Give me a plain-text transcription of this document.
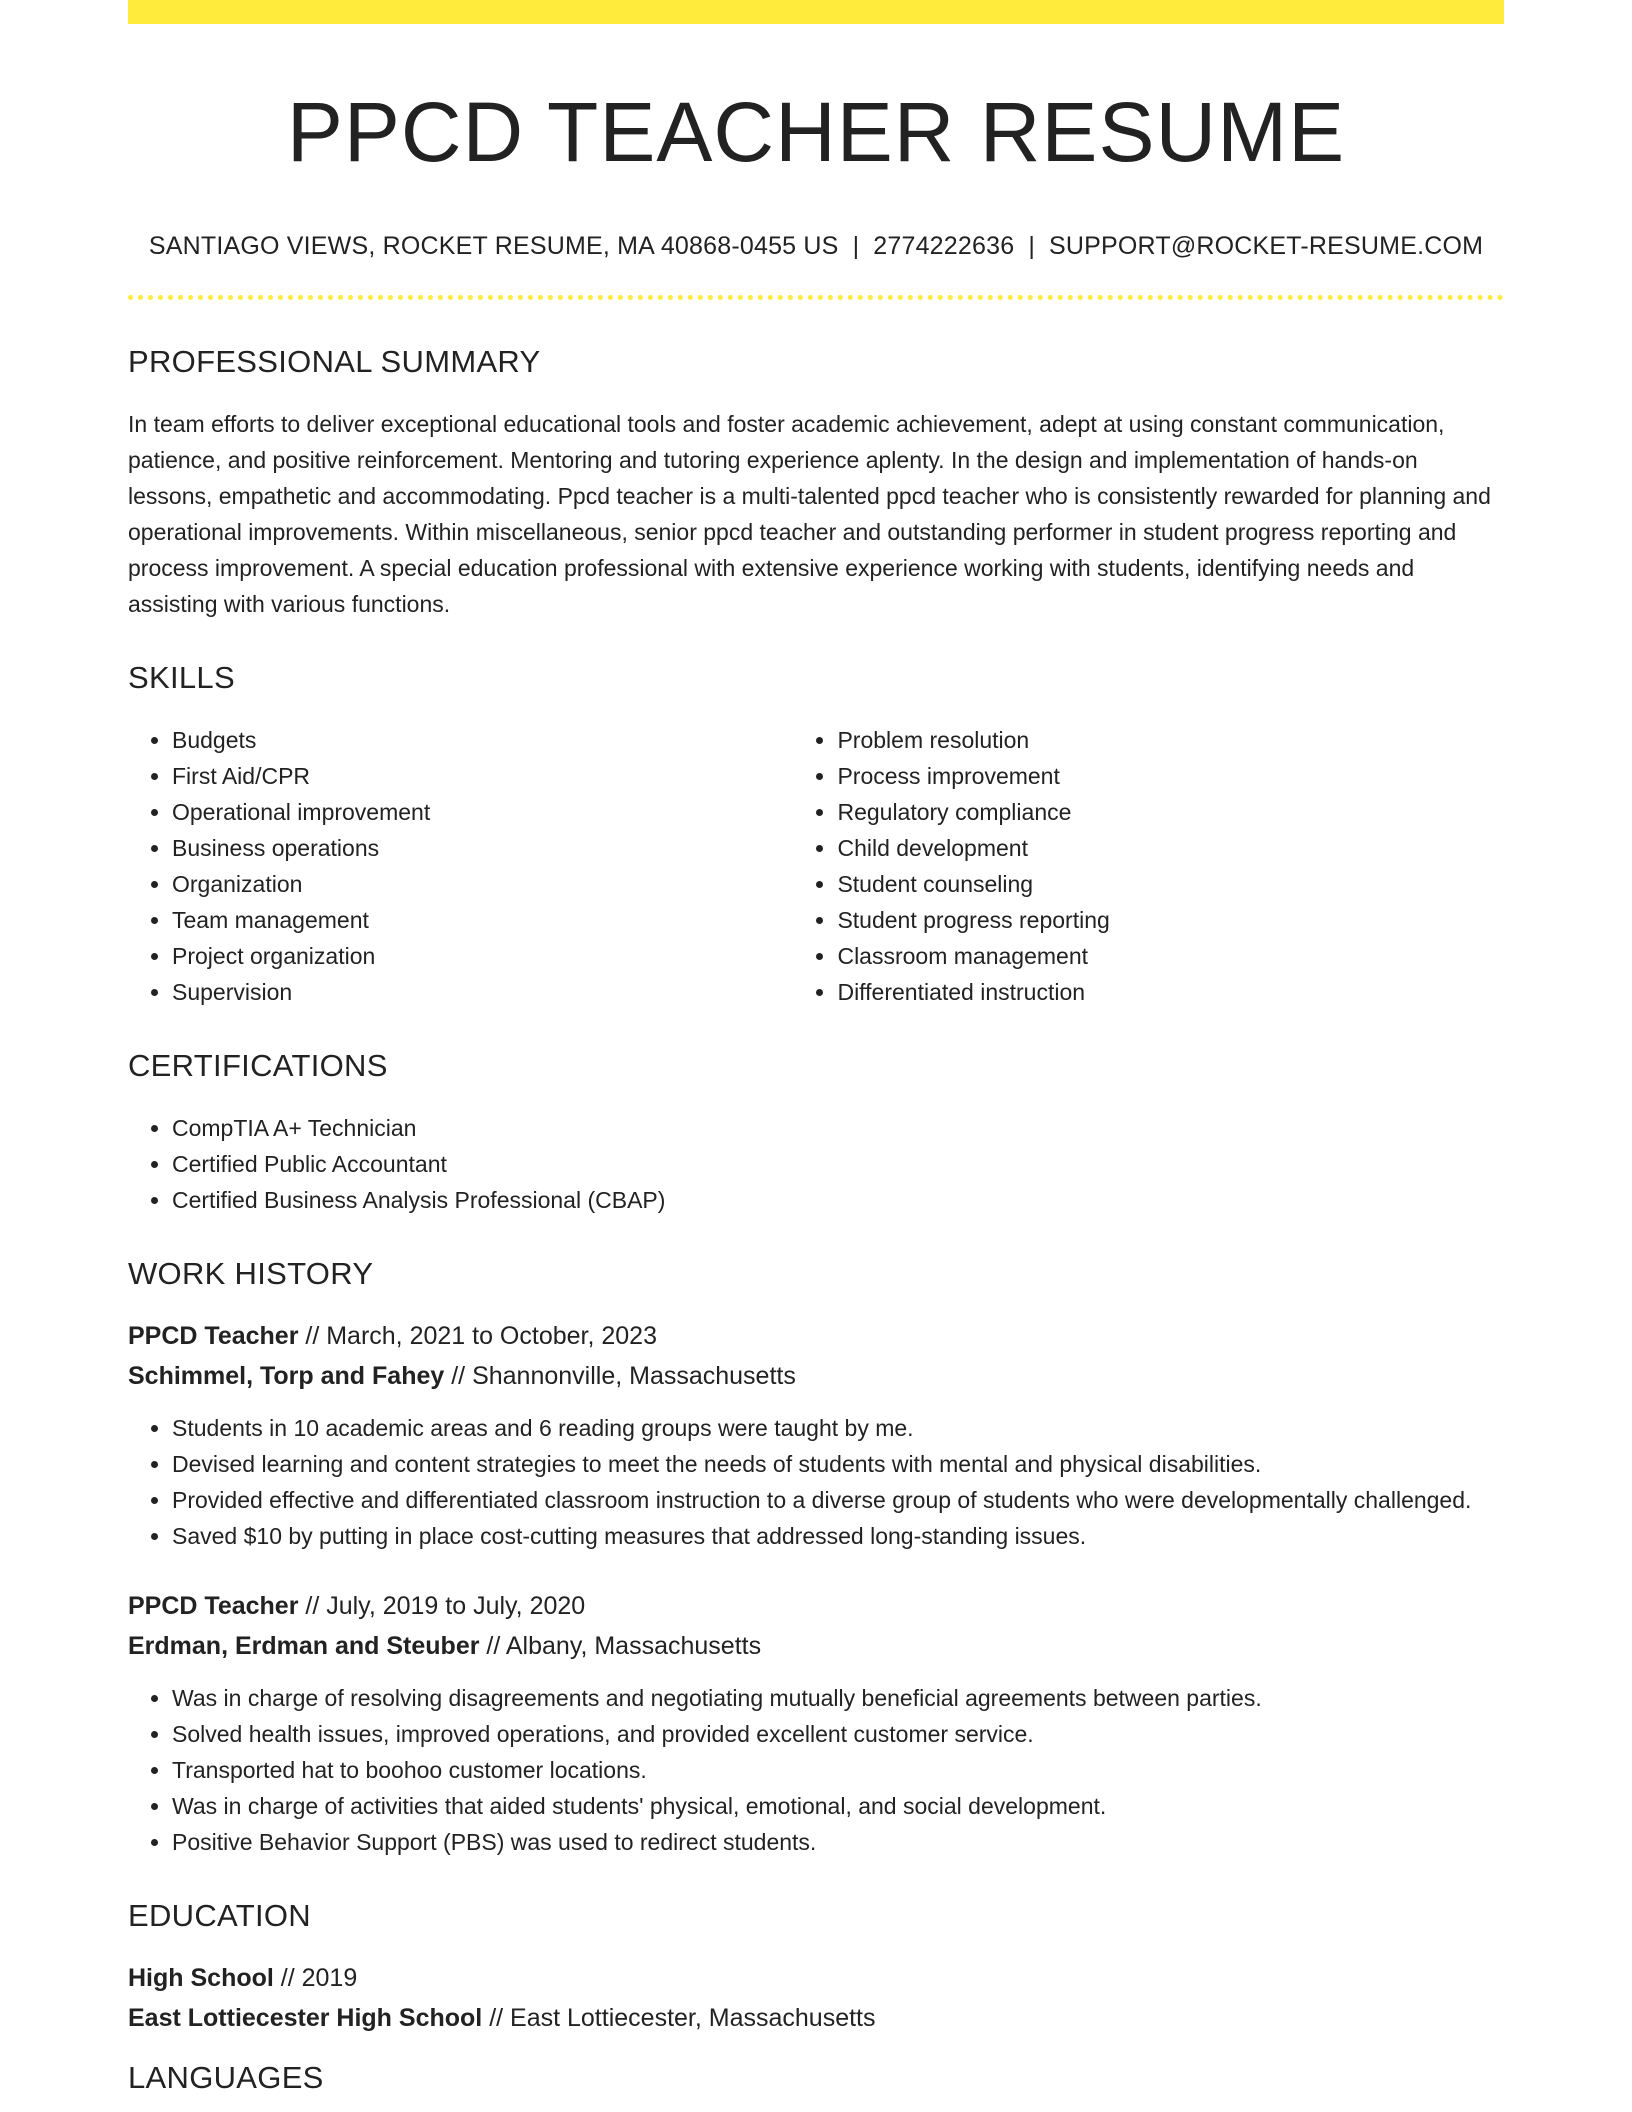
PPCD TEACHER RESUME
SANTIAGO VIEWS, ROCKET RESUME, MA 40868-0455 US | 2774222636 | SUPPORT@ROCKET-RESUME.COM
PROFESSIONAL SUMMARY

In team efforts to deliver exceptional educational tools and foster academic achievement, adept at using constant communication, patience, and positive reinforcement. Mentoring and tutoring experience aplenty. In the design and implementation of hands-on lessons, empathetic and accommodating. Ppcd teacher is a multi-talented ppcd teacher who is consistently rewarded for planning and operational improvements. Within miscellaneous, senior ppcd teacher and outstanding performer in student progress reporting and process improvement. A special education professional with extensive experience working with students, identifying needs and assisting with various functions.

SKILLS
• Budgets
• First Aid/CPR
• Operational improvement
• Business operations
• Organization
• Team management
• Project organization
• Supervision
• Problem resolution
• Process improvement
• Regulatory compliance
• Child development
• Student counseling
• Student progress reporting
• Classroom management
• Differentiated instruction
CERTIFICATIONS
• CompTIA A+ Technician
• Certified Public Accountant
• Certified Business Analysis Professional (CBAP)
WORK HISTORY

PPCD Teacher // March, 2021 to October, 2023

Schimmel, Torp and Fahey // Shannonville, Massachusetts

• Students in 10 academic areas and 6 reading groups were taught by me.
• Devised learning and content strategies to meet the needs of students with mental and physical disabilities.
• Provided effective and differentiated classroom instruction to a diverse group of students who were developmentally challenged.
• Saved $10 by putting in place cost-cutting measures that addressed long-standing issues.

PPCD Teacher // July, 2019 to July, 2020

Erdman, Erdman and Steuber // Albany, Massachusetts

• Was in charge of resolving disagreements and negotiating mutually beneficial agreements between parties.
• Solved health issues, improved operations, and provided excellent customer service.
• Transported hat to boohoo customer locations.
• Was in charge of activities that aided students' physical, emotional, and social development.
• Positive Behavior Support (PBS) was used to redirect students.
EDUCATION

High School // 2019

East Lottiecester High School // East Lottiecester, Massachusetts

LANGUAGES
